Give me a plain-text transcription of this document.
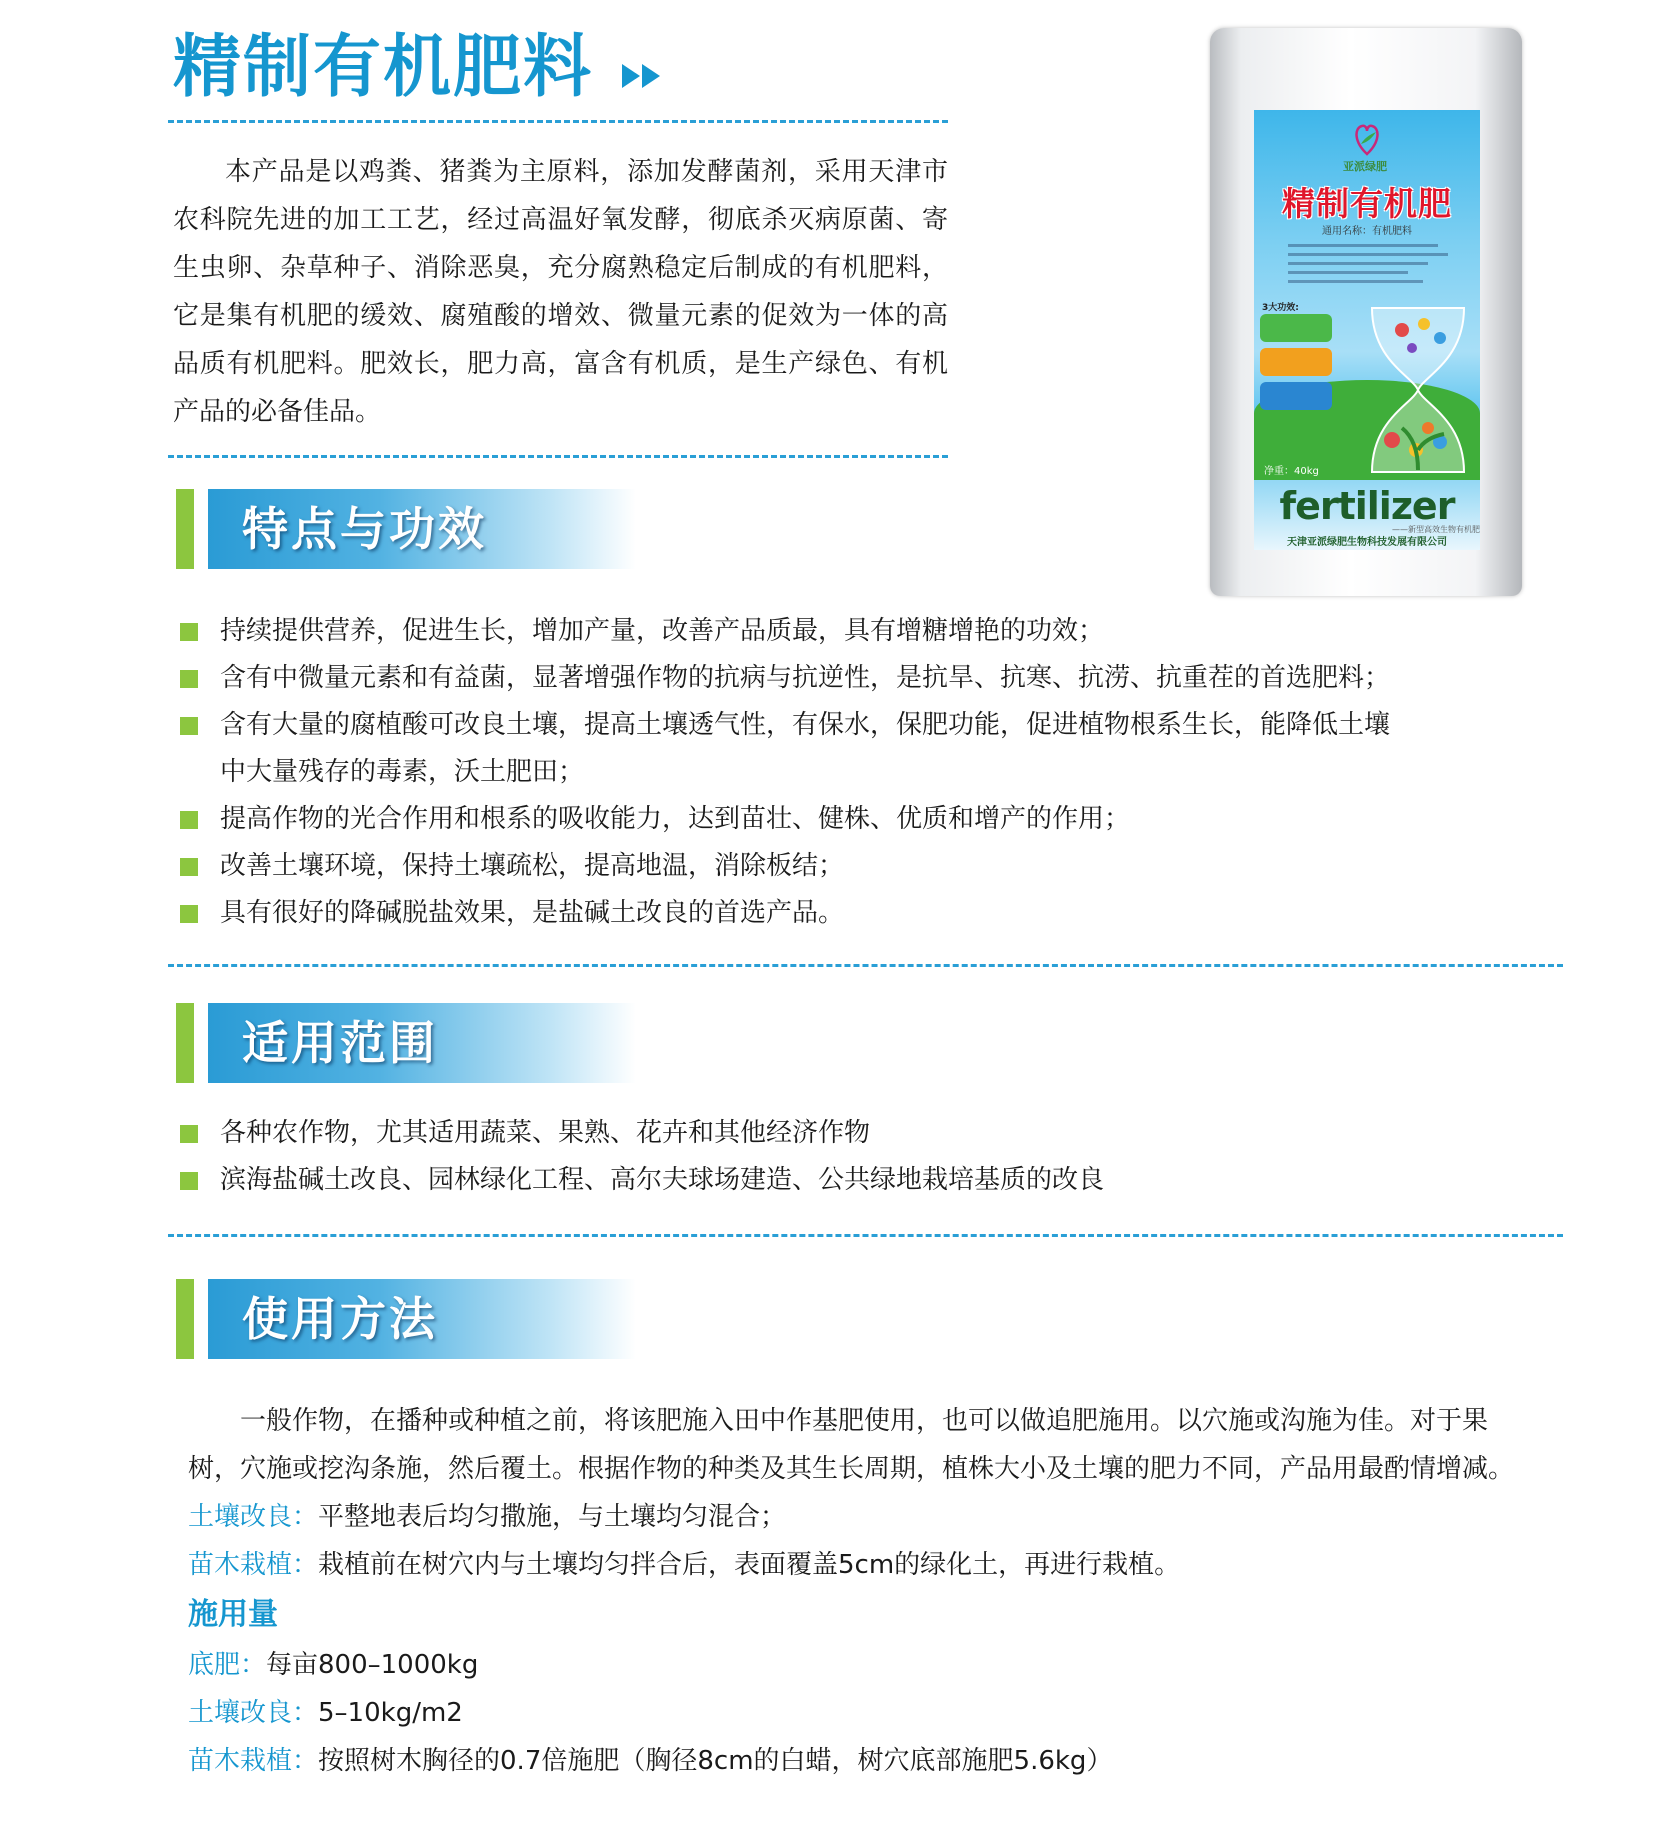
精制有机肥料

本产品是以鸡粪、猪粪为主原料，添加发酵菌剂，采用天津市农科院先进的加工工艺，经过高温好氧发酵，彻底杀灭病原菌、寄生虫卵、杂草种子、消除恶臭，充分腐熟稳定后制成的有机肥料，它是集有机肥的缓效、腐殖酸的增效、微量元素的促效为一体的高品质有机肥料。肥效长，肥力高，富含有机质，是生产绿色、有机产品的必备佳品。

亚派绿肥
精制有机肥
通用名称：有机肥料
3大功效:
净重：40kg
fertilizer
——新型高效生物有机肥
天津亚派绿肥生物科技发展有限公司
特点与功效
持续提供营养，促进生长，增加产量，改善产品质最，具有增糖增艳的功效；
含有中微量元素和有益菌，显著增强作物的抗病与抗逆性，是抗旱、抗寒、抗涝、抗重茬的首选肥料；
含有大量的腐植酸可改良土壤，提高土壤透气性，有保水，保肥功能，促进植物根系生长，能降低土壤
中大量残存的毒素，沃土肥田；
提高作物的光合作用和根系的吸收能力，达到苗壮、健株、优质和增产的作用；
改善土壤环境，保持土壤疏松，提高地温，消除板结；
具有很好的降碱脱盐效果，是盐碱土改良的首选产品。
适用范围
各种农作物，尤其适用蔬菜、果熟、花卉和其他经济作物
滨海盐碱土改良、园林绿化工程、高尔夫球场建造、公共绿地栽培基质的改良
使用方法

一般作物，在播种或种植之前，将该肥施入田中作基肥使用，也可以做追肥施用。以穴施或沟施为佳。对于果树，穴施或挖沟条施，然后覆土。根据作物的种类及其生长周期，植株大小及土壤的肥力不同，产品用最酌情增减。

土壤改良：平整地表后均匀撒施，与土壤均匀混合；

苗木栽植：栽植前在树穴内与土壤均匀拌合后，表面覆盖5cm的绿化土，再进行栽植。

施用量

底肥：每亩800–1000kg

土壤改良：5–10kg/m2

苗木栽植：按照树木胸径的0.7倍施肥（胸径8cm的白蜡，树穴底部施肥5.6kg）
